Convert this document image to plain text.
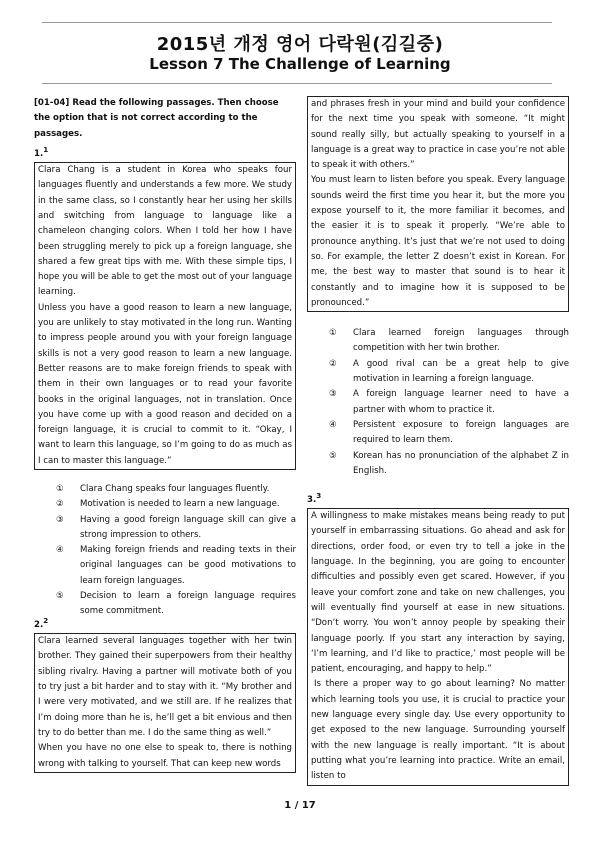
2015년 개정 영어 다락원(김길중)
Lesson 7 The Challenge of Learning
[01-04] Read the following passages. Then choose the option that is not correct according to the passages.
1.$^1$

Clara Chang is a student in Korea who speaks four languages fluently and understands a few more. We study in the same class, so I constantly hear her using her skills and switching from language to language like a chameleon changing colors. When I told her how I have been struggling merely to pick up a foreign language, she shared a few great tips with me. With these simple tips, I hope you will be able to get the most out of your language learning.

Unless you have a good reason to learn a new language, you are unlikely to stay motivated in the long run. Wanting to impress people around you with your foreign language skills is not a very good reason to learn a new language. Better reasons are to make foreign friends to speak with them in their own languages or to read your favorite books in the original languages, not in translation. Once you have come up with a good reason and decided on a foreign language, it is crucial to commit to it. “Okay, I want to learn this language, so I’m going to do as much as I can to master this language.”

①	Clara Chang speaks four languages fluently.
②	Motivation is needed to learn a new language.
③	Having a good foreign language skill can give a strong impression to others.
④	Making foreign friends and reading texts in their original languages can be good motivations to learn foreign languages.
⑤	Decision to learn a foreign language requires some commitment.
2.$^2$

Clara learned several languages together with her twin brother. They gained their superpowers from their healthy sibling rivalry. Having a partner will motivate both of you to try just a bit harder and to stay with it. “My brother and I were very motivated, and we still are. If he realizes that I’m doing more than he is, he’ll get a bit envious and then try to do better than me. I do the same thing as well.”

When you have no one else to speak to, there is nothing wrong with talking to yourself. That can keep new words

and phrases fresh in your mind and build your confidence for the next time you speak with someone. “It might sound really silly, but actually speaking to yourself in a language is a great way to practice in case you’re not able to speak it with others.”

You must learn to listen before you speak. Every language sounds weird the first time you hear it, but the more you expose yourself to it, the more familiar it becomes, and the easier it is to speak it properly. “We’re able to pronounce anything. It’s just that we’re not used to doing so. For example, the letter Z doesn’t exist in Korean. For me, the best way to master that sound is to hear it constantly and to imagine how it is supposed to be pronounced.”

①	Clara learned foreign languages through competition with her twin brother.
②	A good rival can be a great help to give motivation in learning a foreign language.
③	A foreign language learner need to have a partner with whom to practice it.
④	Persistent exposure to foreign languages are required to learn them.
⑤	Korean has no pronunciation of the alphabet Z in English.
3.$^3$

A willingness to make mistakes means being ready to put yourself in embarrassing situations. Go ahead and ask for directions, order food, or even try to tell a joke in the language. In the beginning, you are going to encounter difficulties and possibly even get scared. However, if you leave your comfort zone and take on new challenges, you will eventually find yourself at ease in new situations. “Don’t worry. You won’t annoy people by speaking their language poorly. If you start any interaction by saying, ‘I’m learning, and I’d like to practice,’ most people will be patient, encouraging, and happy to help.”

Is there a proper way to go about learning? No matter which learning tools you use, it is crucial to practice your new language every single day. Use every opportunity to get exposed to the new language. Surrounding yourself with the new language is really important. “It is about putting what you’re learning into practice. Write an email, listen to

1 / 17
